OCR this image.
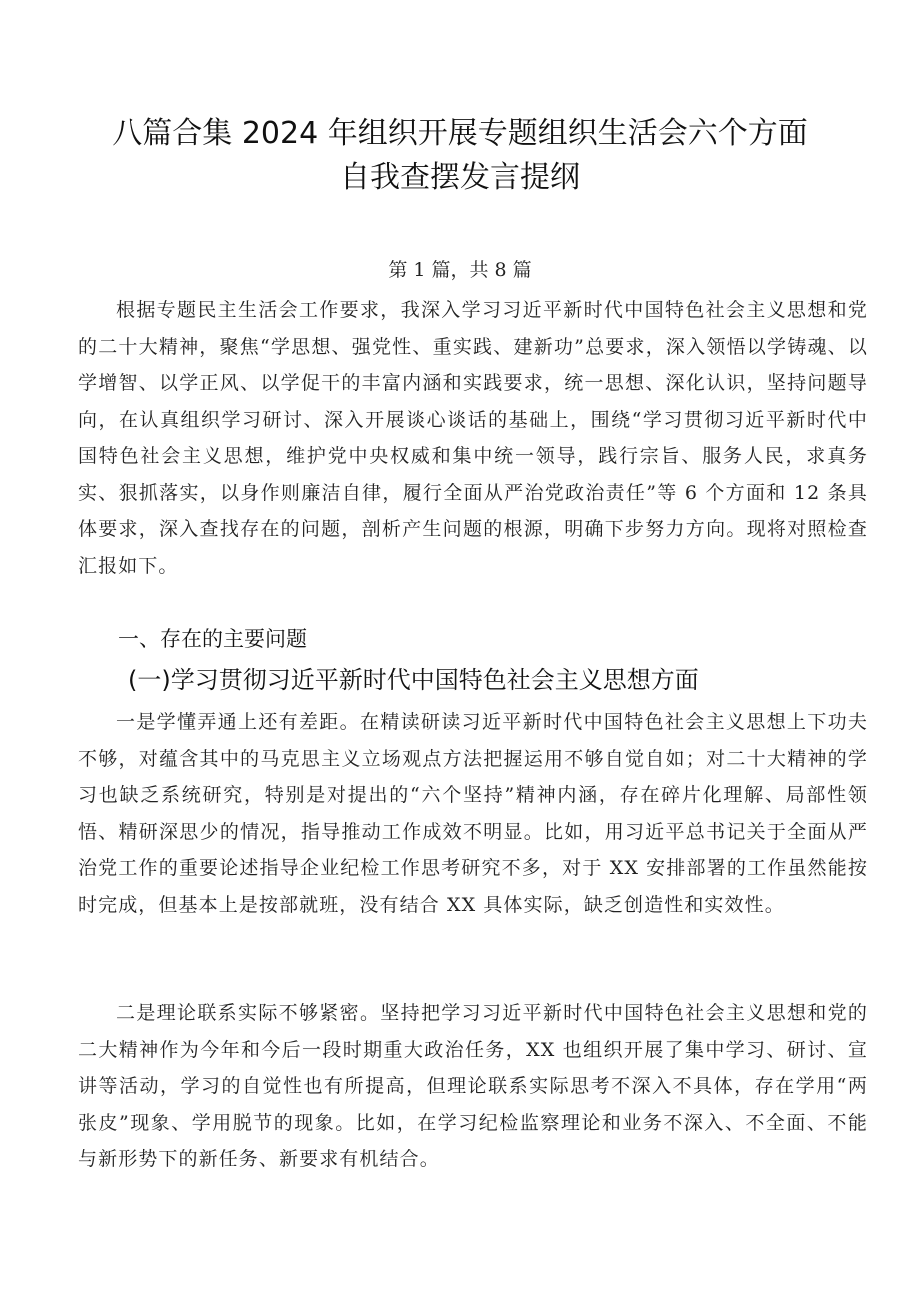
八篇合集 2024 年组织开展专题组织生活会六个方面
自我查摆发言提纲
第 1 篇，共 8 篇

根据专题民主生活会工作要求，我深入学习习近平新时代中国特色社会主义思想和党的二十大精神，聚焦“学思想、强党性、重实践、建新功”总要求，深入领悟以学铸魂、以学增智、以学正风、以学促干的丰富内涵和实践要求，统一思想、深化认识，坚持问题导向，在认真组织学习研讨、深入开展谈心谈话的基础上，围绕“学习贯彻习近平新时代中国特色社会主义思想，维护党中央权威和集中统一领导，践行宗旨、服务人民，求真务实、狠抓落实，以身作则廉洁自律，履行全面从严治党政治责任”等 6 个方面和 12 条具体要求，深入查找存在的问题，剖析产生问题的根源，明确下步努力方向。现将对照检查汇报如下。

一、存在的主要问题
(一)学习贯彻习近平新时代中国特色社会主义思想方面

一是学懂弄通上还有差距。在精读研读习近平新时代中国特色社会主义思想上下功夫不够，对蕴含其中的马克思主义立场观点方法把握运用不够自觉自如；对二十大精神的学习也缺乏系统研究，特别是对提出的“六个坚持”精神内涵，存在碎片化理解、局部性领悟、精研深思少的情况，指导推动工作成效不明显。比如，用习近平总书记关于全面从严治党工作的重要论述指导企业纪检工作思考研究不多，对于 XX 安排部署的工作虽然能按时完成，但基本上是按部就班，没有结合 XX 具体实际，缺乏创造性和实效性。

二是理论联系实际不够紧密。坚持把学习习近平新时代中国特色社会主义思想和党的二大精神作为今年和今后一段时期重大政治任务，XX 也组织开展了集中学习、研讨、宣讲等活动，学习的自觉性也有所提高，但理论联系实际思考不深入不具体，存在学用“两张皮”现象、学用脱节的现象。比如，在学习纪检监察理论和业务不深入、不全面、不能与新形势下的新任务、新要求有机结合。
